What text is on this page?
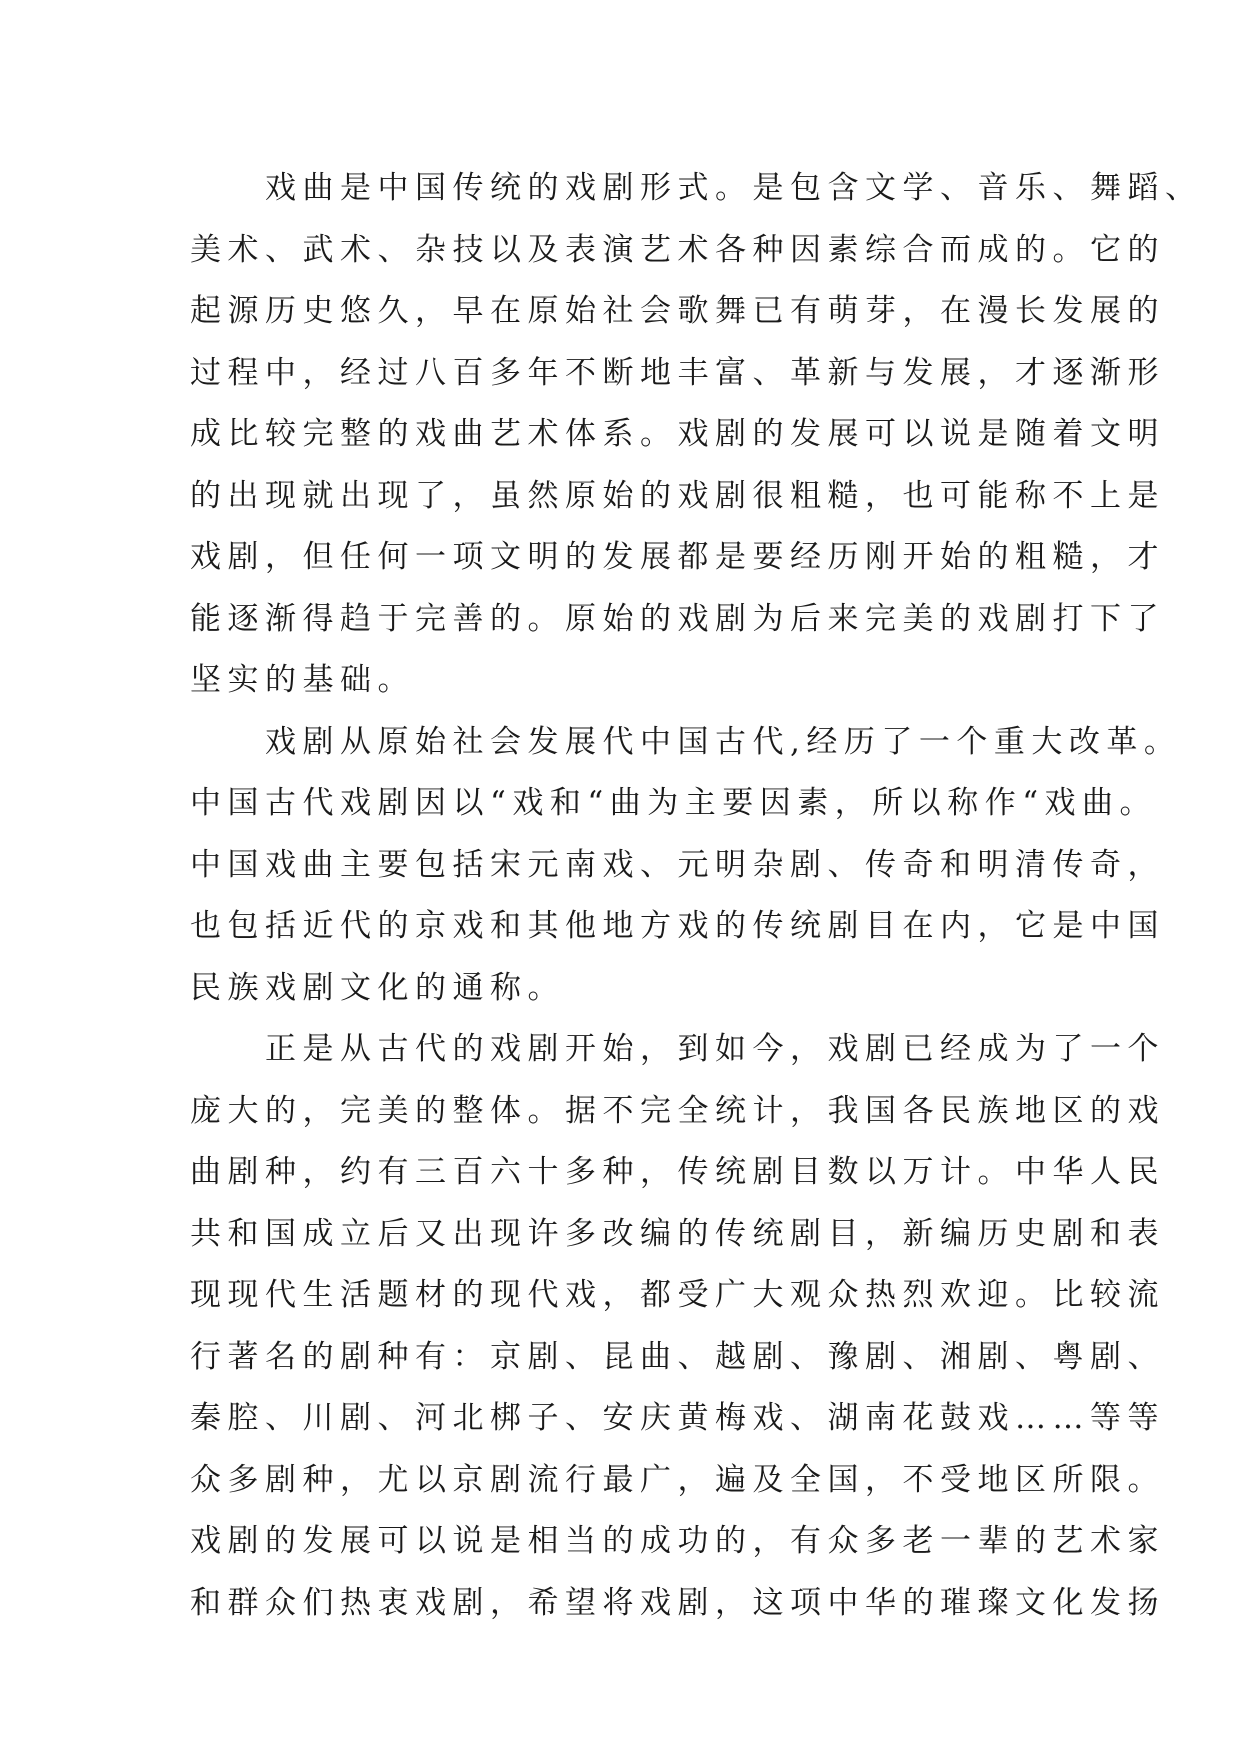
戏曲是中国传统的戏剧形式。是包含文学、音乐、舞蹈、
美术、武术、杂技以及表演艺术各种因素综合而成的。它的
起源历史悠久，早在原始社会歌舞已有萌芽，在漫长发展的
过程中，经过八百多年不断地丰富、革新与发展，才逐渐形
成比较完整的戏曲艺术体系。戏剧的发展可以说是随着文明
的出现就出现了，虽然原始的戏剧很粗糙，也可能称不上是
戏剧，但任何一项文明的发展都是要经历刚开始的粗糙，才
能逐渐得趋于完善的。原始的戏剧为后来完美的戏剧打下了
坚实的基础。

戏剧从原始社会发展代中国古代,经历了一个重大改革。
中国古代戏剧因以“戏和“曲为主要因素，所以称作“戏曲。
中国戏曲主要包括宋元南戏、元明杂剧、传奇和明清传奇，
也包括近代的京戏和其他地方戏的传统剧目在内，它是中国
民族戏剧文化的通称。

正是从古代的戏剧开始，到如今，戏剧已经成为了一个
庞大的，完美的整体。据不完全统计，我国各民族地区的戏
曲剧种，约有三百六十多种，传统剧目数以万计。中华人民
共和国成立后又出现许多改编的传统剧目，新编历史剧和表
现现代生活题材的现代戏，都受广大观众热烈欢迎。比较流
行著名的剧种有：京剧、昆曲、越剧、豫剧、湘剧、粤剧、
秦腔、川剧、河北梆子、安庆黄梅戏、湖南花鼓戏……等等
众多剧种，尤以京剧流行最广，遍及全国，不受地区所限。
戏剧的发展可以说是相当的成功的，有众多老一辈的艺术家
和群众们热衷戏剧，希望将戏剧，这项中华的璀璨文化发扬
